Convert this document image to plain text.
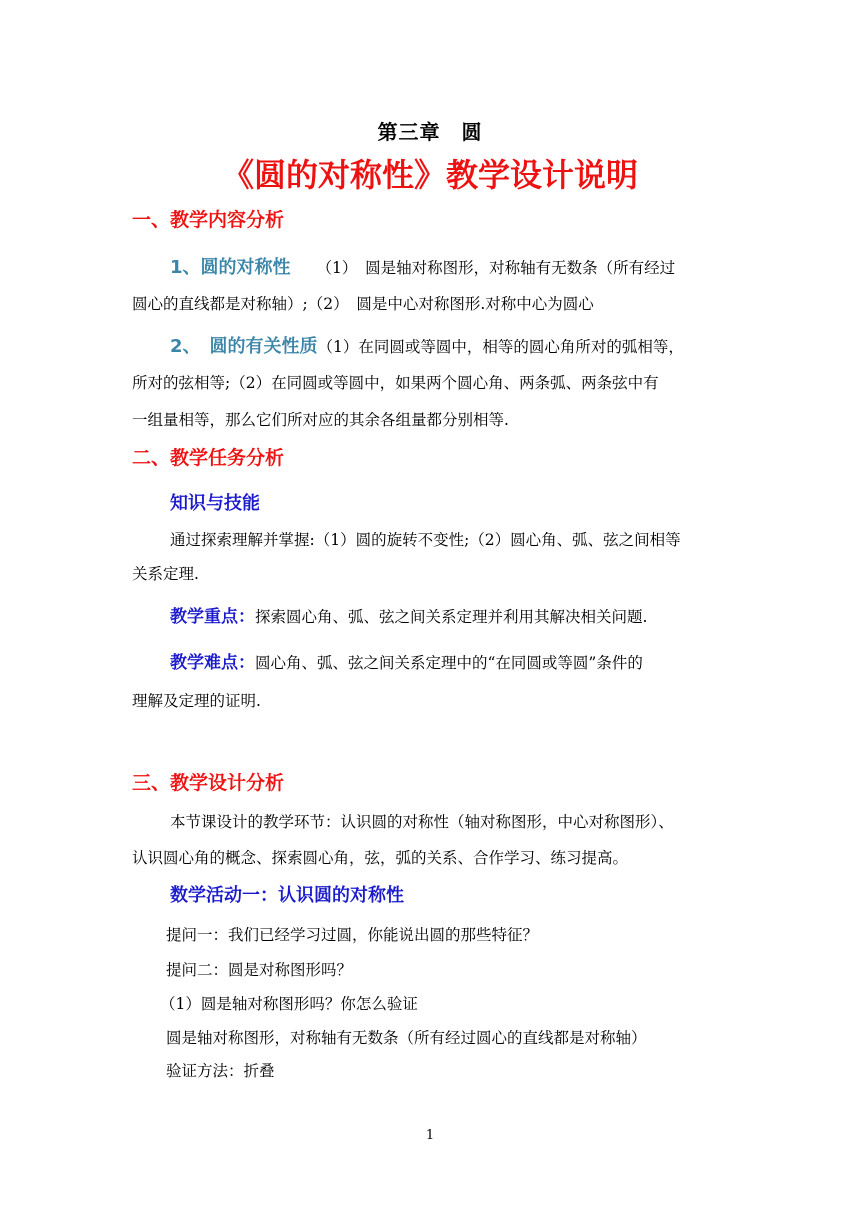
第三章　圆
《圆的对称性》教学设计说明
一、教学内容分析
1、圆的对称性 （1）　圆是轴对称图形，对称轴有无数条（所有经过
圆心的直线都是对称轴）;（2）　圆是中心对称图形.对称中心为圆心
2、　圆的有关性质（1）在同圆或等圆中，相等的圆心角所对的弧相等，
所对的弦相等;（2）在同圆或等圆中，如果两个圆心角、两条弧、两条弦中有
一组量相等，那么它们所对应的其余各组量都分别相等.
二、教学任务分析
知识与技能
通过探索理解并掌握:（1）圆的旋转不变性;（2）圆心角、弧、弦之间相等
关系定理.
教学重点：探索圆心角、弧、弦之间关系定理并利用其解决相关问题.
教学难点：圆心角、弧、弦之间关系定理中的“在同圆或等圆”条件的
理解及定理的证明.
三、教学设计分析
本节课设计的教学环节：认识圆的对称性（轴对称图形，中心对称图形）、
认识圆心角的概念、探索圆心角，弦，弧的关系、合作学习、练习提高。
数学活动一：认识圆的对称性
提问一：我们已经学习过圆，你能说出圆的那些特征？
提问二：圆是对称图形吗？
（1）圆是轴对称图形吗？你怎么验证
圆是轴对称图形，对称轴有无数条（所有经过圆心的直线都是对称轴）
验证方法：折叠
1
